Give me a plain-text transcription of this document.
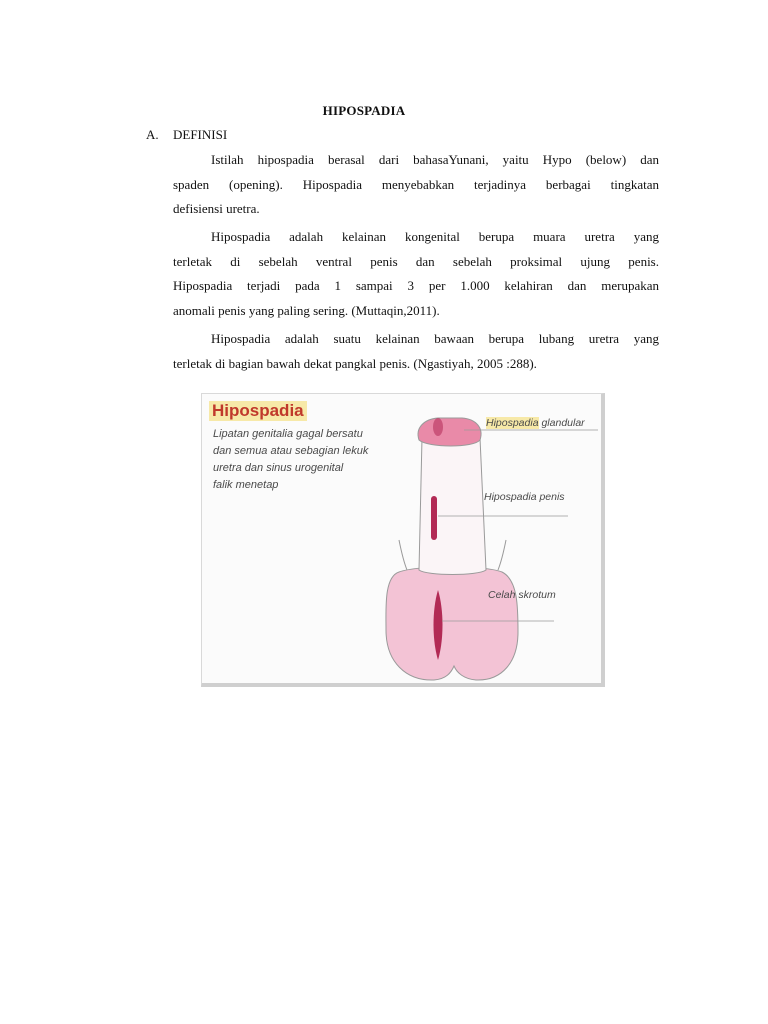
HIPOSPADIA
A. DEFINISI
Istilah hipospadia berasal dari bahasaYunani, yaitu Hypo (below) dan
spaden (opening). Hipospadia menyebabkan terjadinya berbagai tingkatan
defisiensi uretra.
Hipospadia adalah kelainan kongenital berupa muara uretra yang
terletak di sebelah ventral penis dan sebelah proksimal ujung penis.
Hipospadia terjadi pada 1 sampai 3 per 1.000 kelahiran dan merupakan
anomali penis yang paling sering. (Muttaqin,2011).
Hipospadia adalah suatu kelainan bawaan berupa lubang uretra yang
terletak di bagian bawah dekat pangkal penis. (Ngastiyah, 2005 :288).
Hipospadia
Lipatan genitalia gagal bersatu
dan semua atau sebagian lekuk
uretra dan sinus urogenital
falik menetap
Hipospadia glandular
Hipospadia penis
Celah skrotum
